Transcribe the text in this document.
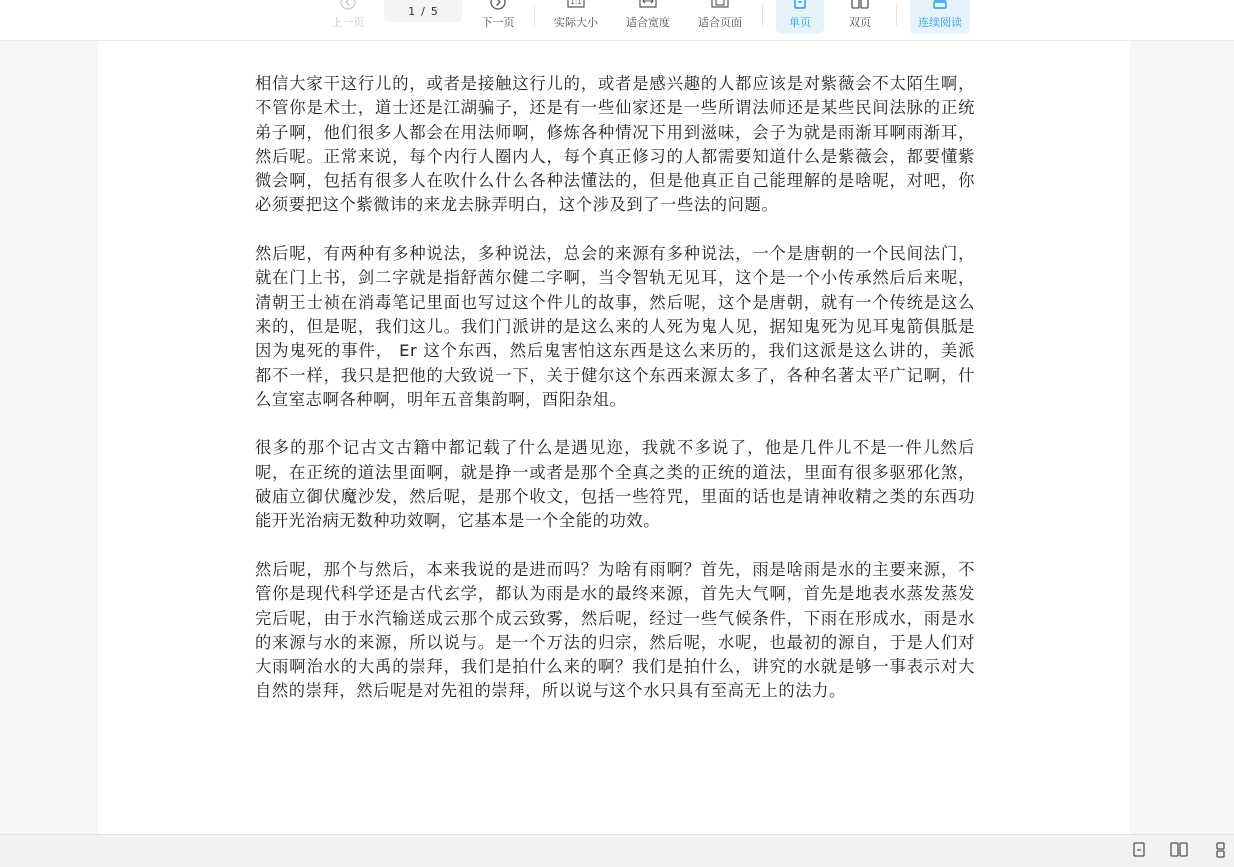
上一页
1 / 5
下一页
1:1
实际大小	适合宽度	适合页面	单页	双页	连续阅读

相信大家干这行儿的，或者是接触这行儿的，或者是感兴趣的人都应该是对紫薇会不太陌生啊，不管你是术士，道士还是江湖骗子，还是有一些仙家还是一些所谓法师还是某些民间法脉的正统弟子啊，他们很多人都会在用法师啊，修炼各种情况下用到滋味，会子为就是雨渐耳啊雨渐耳，然后呢。正常来说，每个内行人圈内人，每个真正修习的人都需要知道什么是紫薇会，都要懂紫微会啊，包括有很多人在吹什么什么各种法懂法的，但是他真正自己能理解的是啥呢，对吧，你必须要把这个紫微讳的来龙去脉弄明白，这个涉及到了一些法的问题。

然后呢，有两种有多种说法，多种说法，总会的来源有多种说法，一个是唐朝的一个民间法门，就在门上书，剑二字就是指舒茜尔健二字啊，当令智轨无见耳，这个是一个小传承然后后来呢，清朝王士祯在消毒笔记里面也写过这个件儿的故事，然后呢，这个是唐朝，就有一个传统是这么来的，但是呢，我们这儿。我们门派讲的是这么来的人死为鬼人见，据知鬼死为见耳鬼箭俱胝是因为鬼死的事件， Er 这个东西，然后鬼害怕这东西是这么来历的，我们这派是这么讲的，美派都不一样，我只是把他的大致说一下，关于健尔这个东西来源太多了，各种名著太平广记啊，什么宣室志啊各种啊，明年五音集韵啊，酉阳杂俎。

很多的那个记古文古籍中都记载了什么是遇见迩，我就不多说了，他是几件儿不是一件儿然后呢，在正统的道法里面啊，就是挣一或者是那个全真之类的正统的道法，里面有很多驱邪化煞，破庙立御伏魔沙发，然后呢，是那个收文，包括一些符咒，里面的话也是请神收精之类的东西功能开光治病无数种功效啊，它基本是一个全能的功效。

然后呢，那个与然后，本来我说的是进而吗？为啥有雨啊？首先，雨是啥雨是水的主要来源，不管你是现代科学还是古代玄学，都认为雨是水的最终来源，首先大气啊，首先是地表水蒸发蒸发完后呢，由于水汽输送成云那个成云致雾，然后呢，经过一些气候条件，下雨在形成水，雨是水的来源与水的来源，所以说与。是一个万法的归宗，然后呢，水呢，也最初的源自，于是人们对大雨啊治水的大禹的崇拜，我们是拍什么来的啊？我们是拍什么，讲究的水就是够一事表示对大自然的崇拜，然后呢是对先祖的崇拜，所以说与这个水只具有至高无上的法力。
